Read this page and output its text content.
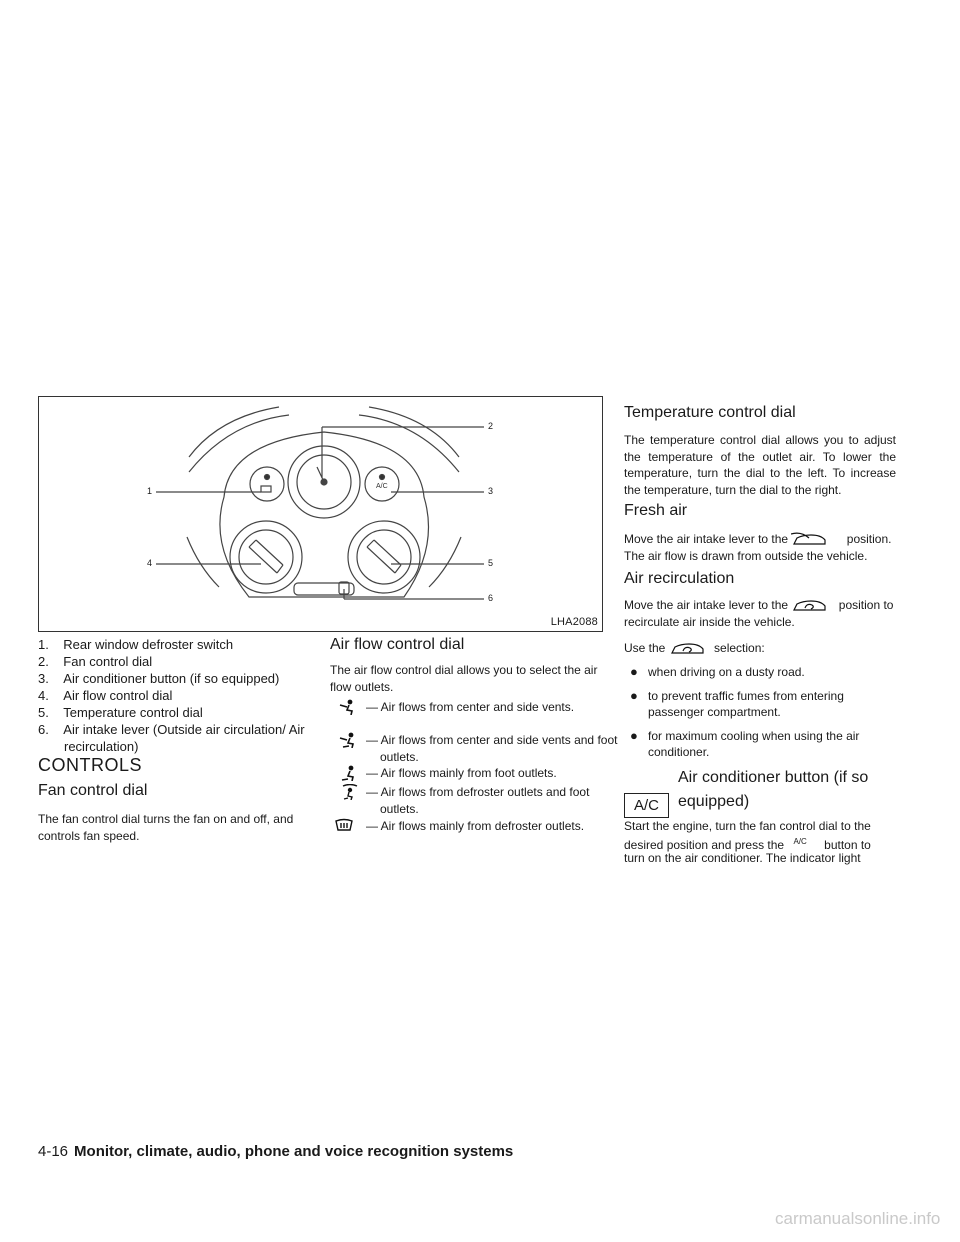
A/C
1
2
3
4	5
6
LHA2088
1. Rear window defroster switch
2. Fan control dial
3. Air conditioner button (if so equipped)
4. Air flow control dial
5. Temperature control dial
6. Air intake lever (Outside air circulation/ Air recirculation)
CONTROLS
Fan control dial
The fan control dial turns the fan on and off, and controls fan speed.
Air flow control dial
The air flow control dial allows you to select the air flow outlets.
— Air flows from center and side vents.
— Air flows from center and side vents and foot outlets.
— Air flows mainly from foot outlets.
— Air flows from defroster outlets and foot outlets.
— Air flows mainly from defroster outlets.
Temperature control dial
The temperature control dial allows you to adjust the temperature of the outlet air. To lower the temperature, turn the dial to the left. To increase the temperature, turn the dial to the right.
Fresh air
Move the air intake lever to the	position.
The air flow is drawn from outside the vehicle.
Air recirculation
Move the air intake lever to the	position to
recirculate air inside the vehicle.
Use the	selection:
● when driving on a dusty road.
● to prevent traffic fumes from entering passenger compartment.
● for maximum cooling when using the air conditioner.
A/C
Air conditioner button (if so equipped)
Start the engine, turn the fan control dial to the
desired position and press the $^{A/C}$ button to
turn on the air conditioner. The indicator light
4-16 Monitor, climate, audio, phone and voice recognition systems
carmanualsonline.info
